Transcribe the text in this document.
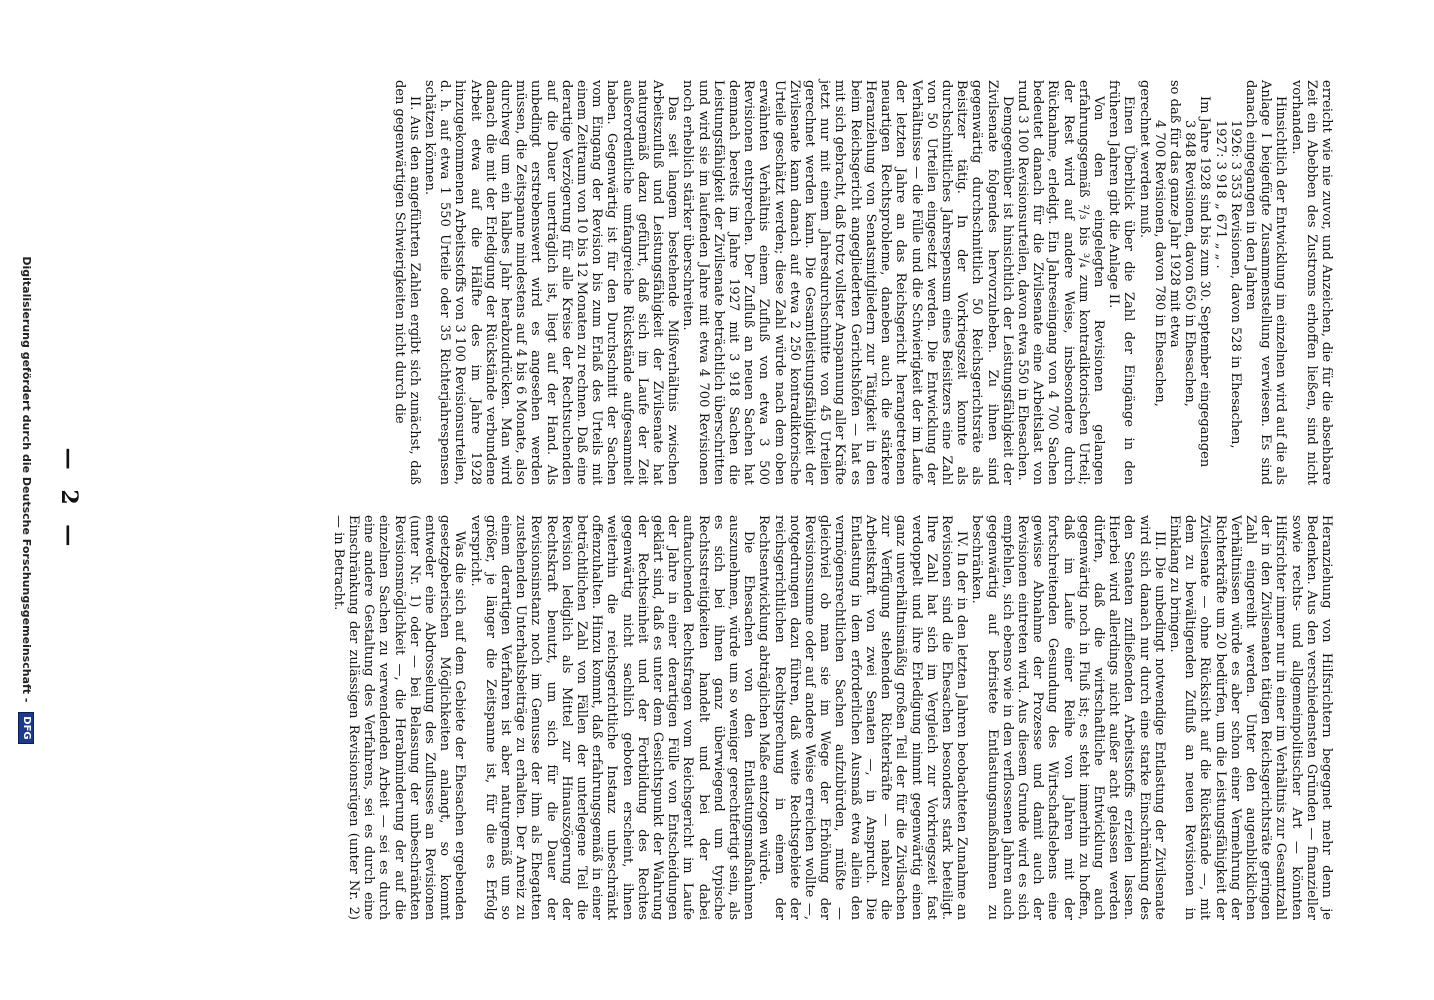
Heranziehung von Hilfsrichtern begegnet mehr denn je Bedenken. Aus den verschiedensten Gründen — finanzieller sowie rechts- und allgemeinpolitischer Art — könnten Hilfsrichter immer nur in einer im Verhältnis zur Gesamtzahl der in den Zivilsenaten tätigen Reichsgerichtsräte geringen Zahl eingereiht werden. Unter den augenblicklichen Verhältnissen würde es aber schon einer Vermehrung der Richterkräfte um 20 bedürfen, um die Leistungsfähigkeit der Zivilsenate — ohne Rücksicht auf die Rückstände —, mit dem zu bewältigenden Zufluß an neuen Revisionen in Einklang zu bringen.

III. Die unbedingt notwendige Entlastung der Zivilsenate wird sich danach nur durch eine starke Einschränkung des den Senaten zufließenden Arbeitsstoffs erzielen lassen. Hierbei wird allerdings nicht außer acht gelassen werden dürfen, daß die wirtschaftliche Entwicklung auch gegenwärtig noch in Fluß ist; es steht immerhin zu hoffen, daß im Laufe einer Reihe von Jahren mit der fortschreitenden Gesundung des Wirtschaftslebens eine gewisse Abnahme der Prozesse und damit auch der Revisionen eintreten wird. Aus diesem Grunde wird es sich empfehlen, sich ebenso wie in den verflossenen Jahren auch gegenwärtig auf befristete Entlastungsmaßnahmen zu beschränken.

IV. In der in den letzten Jahren beobachteten Zunahme an Revisionen sind die Ehesachen besonders stark beteiligt. Ihre Zahl hat sich im Vergleich zur Vorkriegszeit fast verdoppelt und ihre Erledigung nimmt gegenwärtig einen ganz unverhältnismäßig großen Teil der für die Zivilsachen zur Verfügung stehenden Richterkräfte — nahezu die Arbeitskraft von zwei Senaten —, in Anspruch. Die Entlastung in dem erforderlichen Ausmaß etwa allein den vermögensrechtlichen Sachen aufzubürden, müßte — gleichviel ob man sie im Wege der Erhöhung der Revisionssumme oder auf andere Weise erreichen wollte —, notgedrungen dazu führen, daß weite Rechtsgebiete der reichsgerichtlichen Rechtsprechung in einem der Rechtsentwicklung abträglichen Maße entzogen würde.

Die Ehesachen von den Entlastungsmaßnahmen auszunehmen, würde um so weniger gerechtfertigt sein, als es sich bei ihnen ganz überwiegend um typische Rechtsstreitigkeiten handelt und bei der dabei auftauchenden Rechtsfragen vom Reichsgericht im Laufe der Jahre in einer derartigen Fülle von Entscheidungen geklärt sind, daß es unter dem Gesichtspunkt der Wahrung der Rechtseinheit und der Fortbildung des Rechtes gegenwärtig nicht sachlich geboten erscheint, ihnen weiterhin die reichsgerichtliche Instanz unbeschränkt offenzuhalten. Hinzu kommt, daß erfahrungsgemäß in einer beträchtlichen Zahl von Fällen der unterlegene Teil die Revision lediglich als Mittel zur Hinauszögerung der Rechtskraft benutzt, um sich für die Dauer der Revisionsinstanz noch im Genusse der ihm als Ehegatten zustehenden Unterhaltsbeiträge zu erhalten. Der Anreiz zu einem derartigen Verfahren ist aber naturgemäß um so größer, je länger die Zeitspanne ist, für die es Erfolg verspricht.

Was die sich auf dem Gebiete der Ehesachen ergebenden gesetzgeberischen Möglichkeiten anlangt, so kommt entweder eine Abdrosselung des Zuflusses an Revisionen (unter Nr. 1) oder — bei Belassung der unbeschränkten Revisionsmöglichkeit —, die Herabminderung der auf die einzelnen Sachen zu verwendenden Arbeit — sei es durch eine andere Gestaltung des Verfahrens, sei es durch eine Einschränkung der zulässigen Revisionsrügen (unter Nr. 2) — in Betracht.

erreicht wie nie zuvor, und Anzeichen, die für die absehbare Zeit ein Abebben des Zustroms erhoffen ließen, sind nicht vorhanden.

Hinsichtlich der Entwicklung im einzelnen wird auf die als Anlage I beigefügte Zusammenstellung verwiesen. Es sind danach eingegangen in den Jahren

1926: 3 353 Revisionen, davon 528 in Ehesachen,

1927: 3 918 „ 671 „ „ .

Im Jahre 1928 sind bis zum 30. September eingegangen

3 848 Revisionen, davon 650 in Ehesachen,

so daß für das ganze Jahr 1928 mit etwa

4 700 Revisionen, davon 780 in Ehesachen,

gerechnet werden muß.

Einen Überblick über die Zahl der Eingänge in den früheren Jahren gibt die Anlage II.

Von den eingelegten Revisionen gelangen erfahrungsgemäß ²/₃ bis ³/₄ zum kontradiktorischen Urteil; der Rest wird auf andere Weise, insbesondere durch Rücknahme, erledigt. Ein Jahreseingang von 4 700 Sachen bedeutet danach für die Zivilsenate eine Arbeitslast von rund 3 100 Revisionsurteilen, davon etwa 550 in Ehesachen.

Demgegenüber ist hinsichtlich der Leistungsfähigkeit der Zivilsenate folgendes hervorzuheben. Zu ihnen sind gegenwärtig durchschnittlich 50 Reichsgerichtsräte als Beisitzer tätig. In der Vorkriegszeit konnte als durchschnittliches Jahrespensum eines Beisitzers eine Zahl von 50 Urteilen eingesetzt werden. Die Entwicklung der Verhältnisse — die Fülle und die Schwierigkeit der im Laufe der letzten Jahre an das Reichsgericht herangetretenen neuartigen Rechtsprobleme, daneben auch die stärkere Heranziehung von Senatsmitgliedern zur Tätigkeit in den beim Reichsgericht angegliederten Gerichtshöfen — hat es mit sich gebracht, daß trotz vollster Anspannung aller Kräfte jetzt nur mit einem Jahresdurchschnitte von 45 Urteilen gerechnet werden kann. Die Gesamtleistungsfähigkeit der Zivilsenate kann danach auf etwa 2 250 kontradiktorische Urteile geschätzt werden; diese Zahl würde nach dem oben erwähnten Verhältnis einem Zufluß von etwa 3 500 Revisionen entsprechen. Der Zufluß an neuen Sachen hat demnach bereits im Jahre 1927 mit 3 918 Sachen die Leistungsfähigkeit der Zivilsenate beträchtlich überschritten und wird sie im laufenden Jahre mit etwa 4 700 Revisionen noch erheblich stärker überschreiten.

Das seit langem bestehende Mißverhältnis zwischen Arbeitszufluß und Leistungsfähigkeit der Zivilsenate hat naturgemäß dazu geführt, daß sich im Laufe der Zeit außerordentliche umfangreiche Rückstände aufgesammelt haben. Gegenwärtig ist für den Durchschnitt der Sachen vom Eingang der Revision bis zum Erlaß des Urteils mit einem Zeitraum von 10 bis 12 Monaten zu rechnen. Daß eine derartige Verzögerung für alle Kreise der Rechtsuchenden auf die Dauer unerträglich ist, liegt auf der Hand. Als unbedingt erstrebenswert wird es angesehen werden müssen, die Zeitspanne mindestens auf 4 bis 6 Monate, also durchweg um ein halbes Jahr herabzudrücken. Man wird danach die mit der Erledigung der Rückstände verbundene Arbeit etwa auf die Hälfte des im Jahre 1928 hinzugekommenen Arbeitsstoffs von 3 100 Revisionsurteilen, d. h. auf etwa 1 550 Urteile oder 35 Richterjahrespensen schätzen können.

II. Aus den angeführten Zahlen ergibt sich zunächst, daß den gegenwärtigen Schwierigkeiten nicht durch die

— 2 —
Digitalisierung gefördert durch die Deutsche Forschungsgemeinschaft - DFG
